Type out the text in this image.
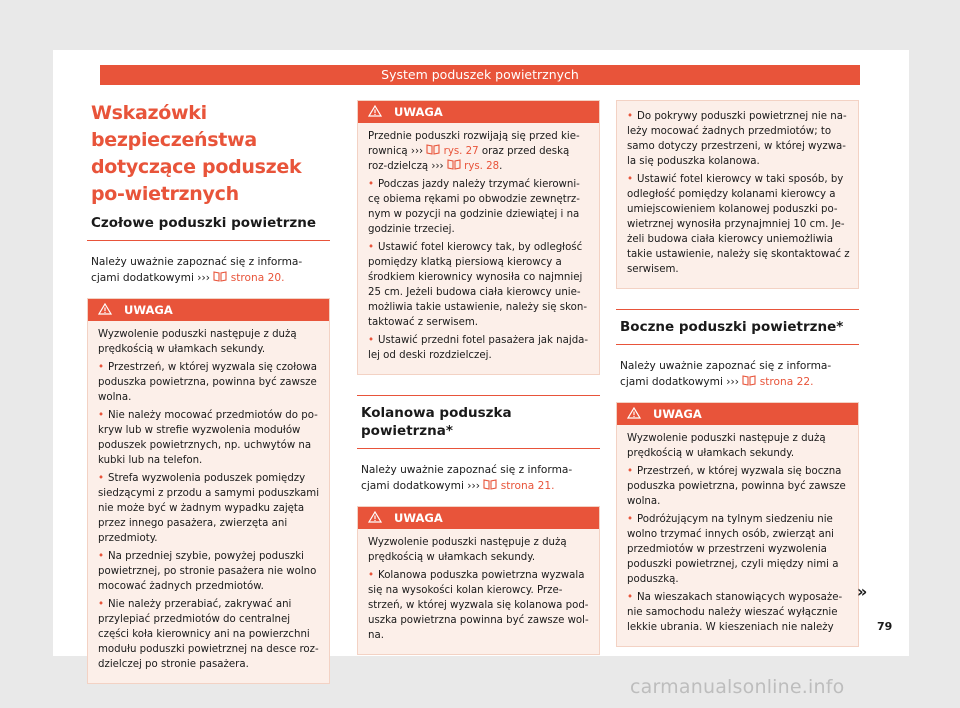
System poduszek powietrznych
Wskazówki bezpieczeństwa dotyczące poduszek po-wietrznych
Czołowe poduszki powietrzne

Należy uważnie zapoznać się z informa-cjami dodatkowymi ››› strona 20.

UWAGA
Wyzwolenie poduszki następuje z dużą prędkością w ułamkach sekundy.
• Przestrzeń, w której wyzwala się czołowa poduszka powietrzna, powinna być zawsze wolna.
• Nie należy mocować przedmiotów do po-kryw lub w strefie wyzwolenia modułów poduszek powietrznych, np. uchwytów na kubki lub na telefon.
• Strefa wyzwolenia poduszek pomiędzy siedzącymi z przodu a samymi poduszkami nie może być w żadnym wypadku zajęta przez innego pasażera, zwierzęta ani przedmioty.
• Na przedniej szybie, powyżej poduszki powietrznej, po stronie pasażera nie wolno mocować żadnych przedmiotów.
• Nie należy przerabiać, zakrywać ani przylepiać przedmiotów do centralnej części koła kierownicy ani na powierzchni modułu poduszki powietrznej na desce roz-dzielczej po stronie pasażera.
UWAGA
Przednie poduszki rozwijają się przed kie-rownicą ››› rys. 27 oraz przed deską roz-dzielczą ››› rys. 28.
• Podczas jazdy należy trzymać kierowni-cę obiema rękami po obwodzie zewnętrz-nym w pozycji na godzinie dziewiątej i na godzinie trzeciej.
• Ustawić fotel kierowcy tak, by odległość pomiędzy klatką piersiową kierowcy a środkiem kierownicy wynosiła co najmniej 25 cm. Jeżeli budowa ciała kierowcy unie-możliwia takie ustawienie, należy się skon-taktować z serwisem.
• Ustawić przedni fotel pasażera jak najda-lej od deski rozdzielczej.
Kolanowa poduszka powietrzna*

Należy uważnie zapoznać się z informa-cjami dodatkowymi ››› strona 21.

UWAGA
Wyzwolenie poduszki następuje z dużą prędkością w ułamkach sekundy.
• Kolanowa poduszka powietrzna wyzwala się na wysokości kolan kierowcy. Prze-strzeń, w której wyzwala się kolanowa pod-uszka powietrzna powinna być zawsze wol-na.
• Do pokrywy poduszki powietrznej nie na-leży mocować żadnych przedmiotów; to samo dotyczy przestrzeni, w której wyzwa-la się poduszka kolanowa.
• Ustawić fotel kierowcy w taki sposób, by odległość pomiędzy kolanami kierowcy a umiejscowieniem kolanowej poduszki po-wietrznej wynosiła przynajmniej 10 cm. Je-żeli budowa ciała kierowcy uniemożliwia takie ustawienie, należy się skontaktować z serwisem.
Boczne poduszki powietrzne*

Należy uważnie zapoznać się z informa-cjami dodatkowymi ››› strona 22.

UWAGA
Wyzwolenie poduszki następuje z dużą prędkością w ułamkach sekundy.
• Przestrzeń, w której wyzwala się boczna poduszka powietrzna, powinna być zawsze wolna.
• Podróżującym na tylnym siedzeniu nie wolno trzymać innych osób, zwierząt ani przedmiotów w przestrzeni wyzwolenia poduszki powietrznej, czyli między nimi a poduszką.
• Na wieszakach stanowiących wyposaże-nie samochodu należy wieszać wyłącznie lekkie ubrania. W kieszeniach nie należy
»
79
carmanualsonline.info
